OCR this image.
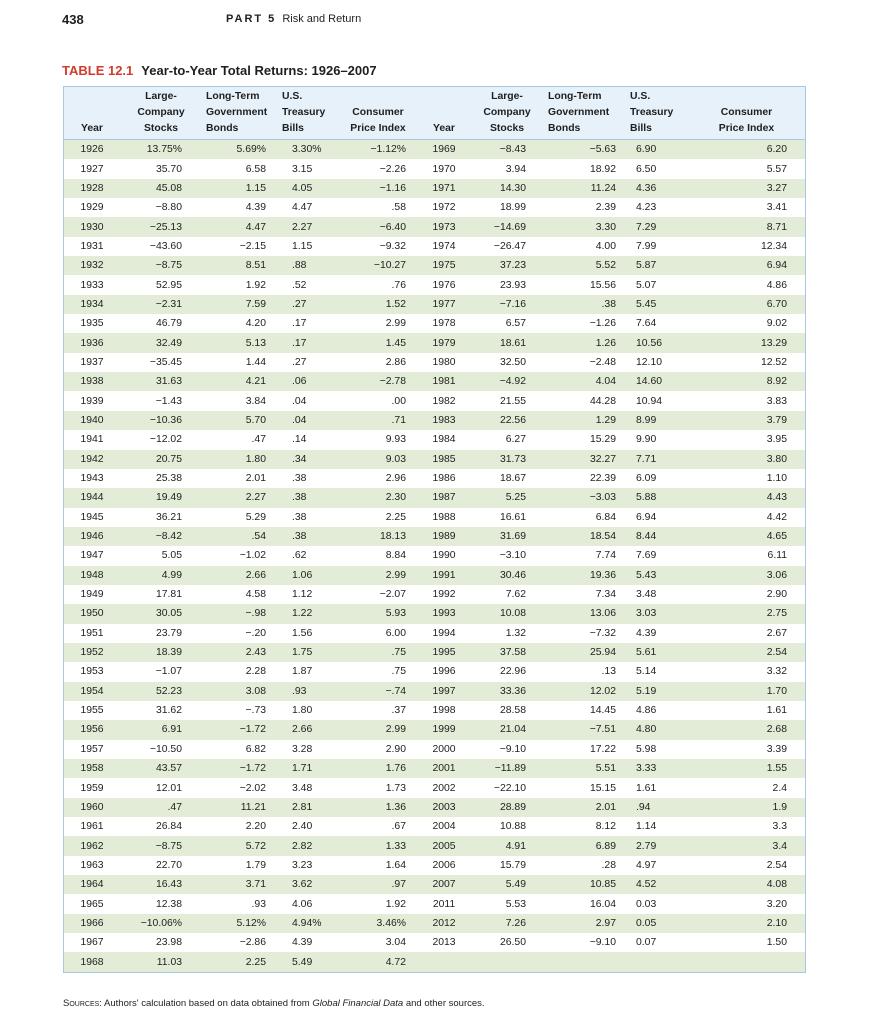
438	PART 5 Risk and Return
TABLE 12.1 Year-to-Year Total Returns: 1926–2007
Year	Large-
Company
Stocks	Long-Term
Government
Bonds	U.S.
Treasury
Bills	Consumer
Price Index	Year	Large-
Company
Stocks	Long-Term
Government
Bonds	U.S.
Treasury
Bills	Consumer
Price Index
1926	13.75%	5.69%	3.30%	−1.12%	1969	−8.43	−5.63	6.90	6.20
1927	35.70	6.58	3.15	−2.26	1970	3.94	18.92	6.50	5.57
1928	45.08	1.15	4.05	−1.16	1971	14.30	11.24	4.36	3.27
1929	−8.80	4.39	4.47	.58	1972	18.99	2.39	4.23	3.41
1930	−25.13	4.47	2.27	−6.40	1973	−14.69	3.30	7.29	8.71
1931	−43.60	−2.15	1.15	−9.32	1974	−26.47	4.00	7.99	12.34
1932	−8.75	8.51	.88	−10.27	1975	37.23	5.52	5.87	6.94
1933	52.95	1.92	.52	.76	1976	23.93	15.56	5.07	4.86
1934	−2.31	7.59	.27	1.52	1977	−7.16	.38	5.45	6.70
1935	46.79	4.20	.17	2.99	1978	6.57	−1.26	7.64	9.02
1936	32.49	5.13	.17	1.45	1979	18.61	1.26	10.56	13.29
1937	−35.45	1.44	.27	2.86	1980	32.50	−2.48	12.10	12.52
1938	31.63	4.21	.06	−2.78	1981	−4.92	4.04	14.60	8.92
1939	−1.43	3.84	.04	.00	1982	21.55	44.28	10.94	3.83
1940	−10.36	5.70	.04	.71	1983	22.56	1.29	8.99	3.79
1941	−12.02	.47	.14	9.93	1984	6.27	15.29	9.90	3.95
1942	20.75	1.80	.34	9.03	1985	31.73	32.27	7.71	3.80
1943	25.38	2.01	.38	2.96	1986	18.67	22.39	6.09	1.10
1944	19.49	2.27	.38	2.30	1987	5.25	−3.03	5.88	4.43
1945	36.21	5.29	.38	2.25	1988	16.61	6.84	6.94	4.42
1946	−8.42	.54	.38	18.13	1989	31.69	18.54	8.44	4.65
1947	5.05	−1.02	.62	8.84	1990	−3.10	7.74	7.69	6.11
1948	4.99	2.66	1.06	2.99	1991	30.46	19.36	5.43	3.06
1949	17.81	4.58	1.12	−2.07	1992	7.62	7.34	3.48	2.90
1950	30.05	−.98	1.22	5.93	1993	10.08	13.06	3.03	2.75
1951	23.79	−.20	1.56	6.00	1994	1.32	−7.32	4.39	2.67
1952	18.39	2.43	1.75	.75	1995	37.58	25.94	5.61	2.54
1953	−1.07	2.28	1.87	.75	1996	22.96	.13	5.14	3.32
1954	52.23	3.08	.93	−.74	1997	33.36	12.02	5.19	1.70
1955	31.62	−.73	1.80	.37	1998	28.58	14.45	4.86	1.61
1956	6.91	−1.72	2.66	2.99	1999	21.04	−7.51	4.80	2.68
1957	−10.50	6.82	3.28	2.90	2000	−9.10	17.22	5.98	3.39
1958	43.57	−1.72	1.71	1.76	2001	−11.89	5.51	3.33	1.55
1959	12.01	−2.02	3.48	1.73	2002	−22.10	15.15	1.61	2.4
1960	.47	11.21	2.81	1.36	2003	28.89	2.01	.94	1.9
1961	26.84	2.20	2.40	.67	2004	10.88	8.12	1.14	3.3
1962	−8.75	5.72	2.82	1.33	2005	4.91	6.89	2.79	3.4
1963	22.70	1.79	3.23	1.64	2006	15.79	.28	4.97	2.54
1964	16.43	3.71	3.62	.97	2007	5.49	10.85	4.52	4.08
1965	12.38	.93	4.06	1.92	2011	5.53	16.04	0.03	3.20
1966	−10.06%	5.12%	4.94%	3.46%	2012	7.26	2.97	0.05	2.10
1967	23.98	−2.86	4.39	3.04	2013	26.50	−9.10	0.07	1.50
1968	11.03	2.25	5.49	4.72					
Sources: Authors' calculation based on data obtained from Global Financial Data and other sources.
